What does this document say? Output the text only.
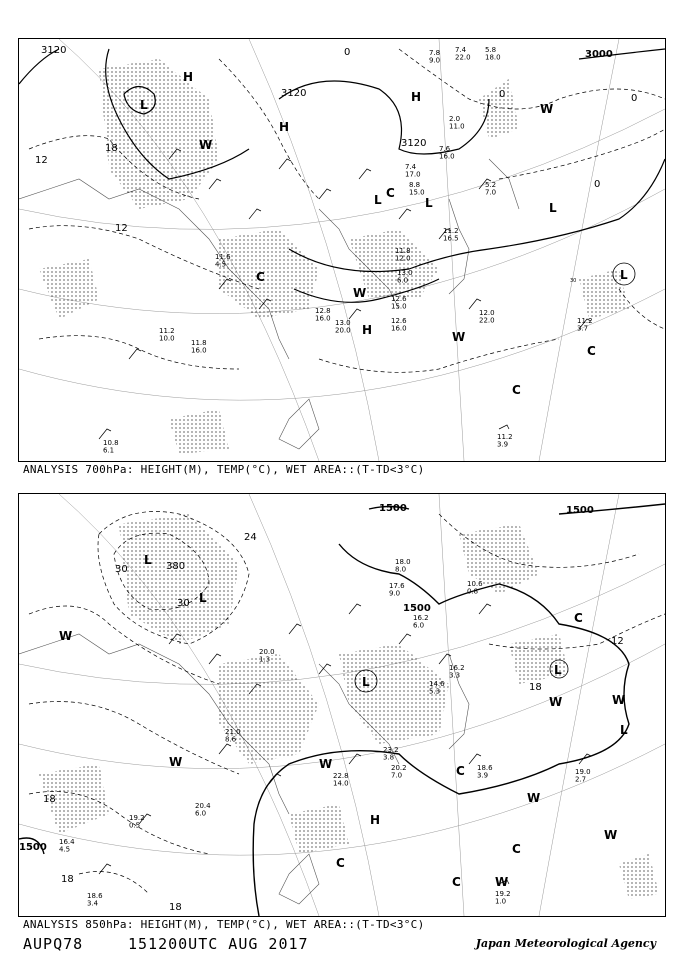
3120
3120
3120
3000
12
12
18
0
0	0
0
30
H
H
H
H
L
L	L	L
L
C
C
C
C
W
W
W
W
7.8 9.0
7.4 22.0
5.8 18.0
2.0 11.0
7.6 16.0
7.4 17.0
8.8 15.0
5.2 7.0
11.2 16.5
11.8 12.0
13.0 6.0
12.6 15.0
12.6 16.0
12.0 22.0	11.2 3.7
11.2 3.9
13.0 20.0
12.8 16.0
10.8 6.1
11.2 10.0
11.8 16.0
11.6 4.5
ANALYSIS 700hPa: HEIGHT(M), TEMP(°C), WET AREA::(T-TD<3°C)
1500
1500
1500
1500
380
24
30
30
18
18
18
18
12
L
L
L
L
L
H
C
C
C
C
C
W
W	W
W	W
W
W
W
18.0 8.0
17.6 9.0
16.2 6.0
10.6 0.8
14.6 5.3
16.2 3.3
18.6 3.9	19.0 2.7
19.2 1.0
20.2 7.0
23.2 3.8
22.8 14.0
20.4 6.0
19.2 0.5
18.6 3.4
16.4 4.5
20.0 1.3
21.0 8.6
ANALYSIS 850hPa: HEIGHT(M), TEMP(°C), WET AREA::(T-TD<3°C)
AUPQ78	151200UTC AUG 2017	Japan Meteorological Agency
